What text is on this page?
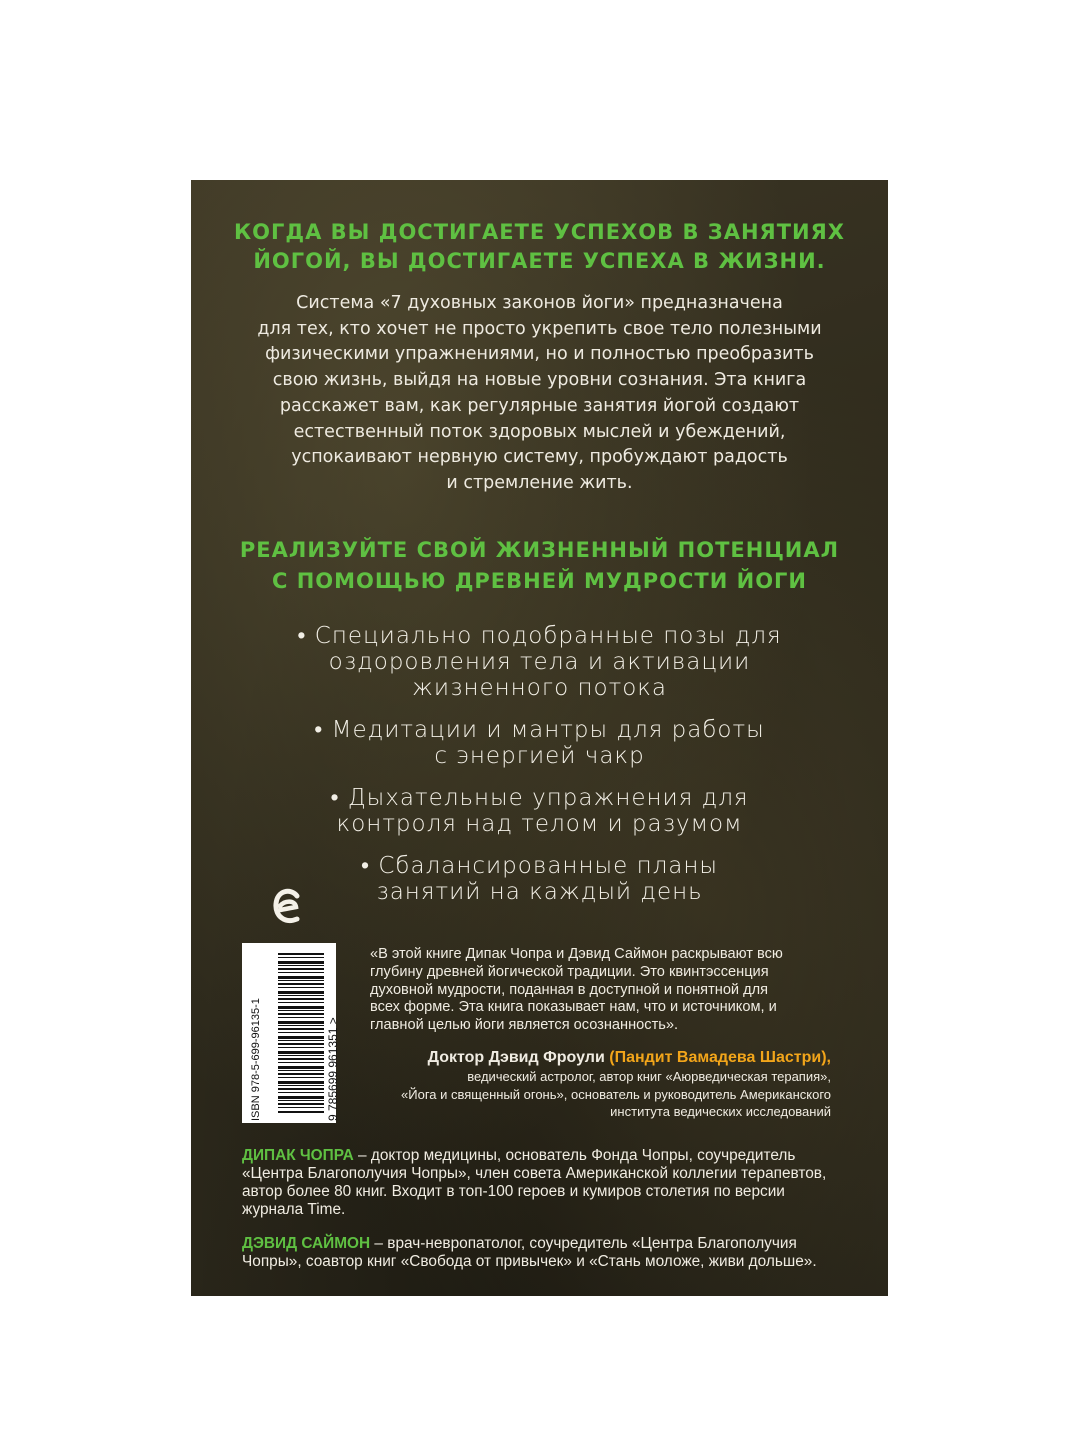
КОГДА ВЫ ДОСТИГАЕТЕ УСПЕХОВ В ЗАНЯТИЯХ
ЙОГОЙ, ВЫ ДОСТИГАЕТЕ УСПЕХА В ЖИЗНИ.
Система «7 духовных законов йоги» предназначена
для тех, кто хочет не просто укрепить свое тело полезными
физическими упражнениями, но и полностью преобразить
свою жизнь, выйдя на новые уровни сознания. Эта книга
расскажет вам, как регулярные занятия йогой создают
естественный поток здоровых мыслей и убеждений,
успокаивают нервную систему, пробуждают радость
и стремление жить.
РЕАЛИЗУЙТЕ СВОЙ ЖИЗНЕННЫЙ ПОТЕНЦИАЛ
С ПОМОЩЬЮ ДРЕВНЕЙ МУДРОСТИ ЙОГИ
• Специально подобранные позы для
оздоровления тела и активации
жизненного потока
• Медитации и мантры для работы
с энергией чакр
• Дыхательные упражнения для
контроля над телом и разумом
• Сбалансированные планы
занятий на каждый день
ISBN 978-5-699-96135-1	9 785699 961351 >
«В этой книге Дипак Чопра и Дэвид Саймон раскрывают всю
глубину древней йогической традиции. Это квинтэссенция
духовной мудрости, поданная в доступной и понятной для
всех форме. Эта книга показывает нам, что и источником, и
главной целью йоги является осознанность».
Доктор Дэвид Фроули (Пандит Вамадева Шастри),
ведический астролог, автор книг «Аюрведическая терапия»,
«Йога и священный огонь», основатель и руководитель Американского
института ведических исследований
ДИПАК ЧОПРА – доктор медицины, основатель Фонда Чопры, соучредитель
«Центра Благополучия Чопры», член совета Американской коллегии терапевтов,
автор более 80 книг. Входит в топ-100 героев и кумиров столетия по версии
журнала Time.
ДЭВИД САЙМОН – врач-невропатолог, соучредитель «Центра Благополучия
Чопры», соавтор книг «Свобода от привычек» и «Стань моложе, живи дольше».
